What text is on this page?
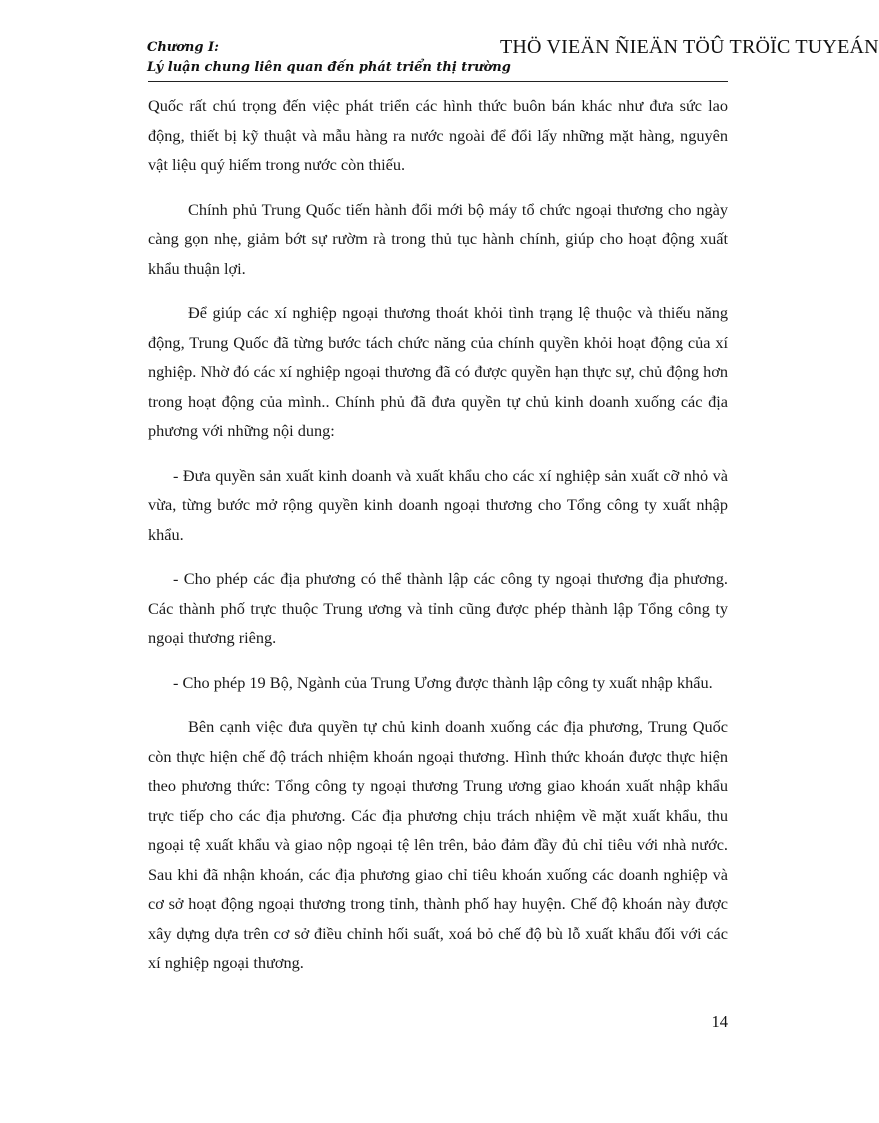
Chương I:
Lý luận chung liên quan đến phát triển thị trường
THÖ VIEÄN ÑIEÄN TÖÛ TRÖÏC TUYEÁN

Quốc rất chú trọng đến việc phát triển các hình thức buôn bán khác như đưa sức lao động, thiết bị kỹ thuật và mẫu hàng ra nước ngoài để đổi lấy những mặt hàng, nguyên vật liệu quý hiếm trong nước còn thiếu.

Chính phủ Trung Quốc tiến hành đổi mới bộ máy tổ chức ngoại thương cho ngày càng gọn nhẹ, giảm bớt sự rườm rà trong thủ tục hành chính, giúp cho hoạt động xuất khẩu thuận lợi.

Để giúp các xí nghiệp ngoại thương thoát khỏi tình trạng lệ thuộc và thiếu năng động, Trung Quốc đã từng bước tách chức năng của chính quyền khỏi hoạt động của xí nghiệp. Nhờ đó các xí nghiệp ngoại thương đã có được quyền hạn thực sự, chủ động hơn trong hoạt động của mình.. Chính phủ đã đưa quyền tự chủ kinh doanh xuống các địa phương với những nội dung:

- Đưa quyền sản xuất kinh doanh và xuất khẩu cho các xí nghiệp sản xuất cỡ nhỏ và vừa, từng bước mở rộng quyền kinh doanh ngoại thương cho Tổng công ty xuất nhập khẩu.

- Cho phép các địa phương có thể thành lập các công ty ngoại thương địa phương. Các thành phố trực thuộc Trung ương và tỉnh cũng được phép thành lập Tổng công ty ngoại thương riêng.

- Cho phép 19 Bộ, Ngành của Trung Ương được thành lập công ty xuất nhập khẩu.

Bên cạnh việc đưa quyền tự chủ kinh doanh xuống các địa phương, Trung Quốc còn thực hiện chế độ trách nhiệm khoán ngoại thương. Hình thức khoán được thực hiện theo phương thức: Tổng công ty ngoại thương Trung ương giao khoán xuất nhập khẩu trực tiếp cho các địa phương. Các địa phương chịu trách nhiệm về mặt xuất khẩu, thu ngoại tệ xuất khẩu và giao nộp ngoại tệ lên trên, bảo đảm đầy đủ chỉ tiêu với nhà nước. Sau khi đã nhận khoán, các địa phương giao chỉ tiêu khoán xuống các doanh nghiệp và cơ sở hoạt động ngoại thương trong tỉnh, thành phố hay huyện. Chế độ khoán này được xây dựng dựa trên cơ sở điều chỉnh hối suất, xoá bỏ chế độ bù lỗ xuất khẩu đối với các xí nghiệp ngoại thương.

14
